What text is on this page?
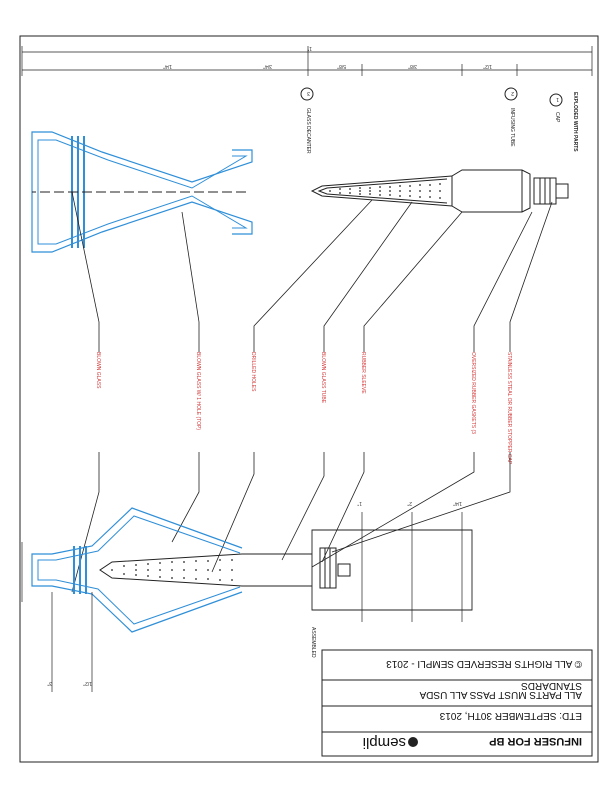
INFUSER FOR BP
sempli
ETD: SEPTEMBER 30TH, 2013
ALL PARTS MUST PASS ALL USDA
STANDARDS
© ALL RIGHTS RESERVED SEMPLI - 2013
EXPLODED WITH PARTS
1
CAP
2
INFUSING TUBE
3
GLASS DECANTER
1"
3/8"	1/2"
1/4"	3/4"	5/8"
STAINLESS STEAL OR RUBBER STOPPER CAP
OVERSIZED RUBBER GASKETS (3
RUBBER SLEEVE
BLOWN GLASS TUBE
DRILLED HOLES
BLOWN GLASS W/ 1 HOLE (TOP)
BLOWN GLASS
ASSEMBLED
1/4"
2"
1"
3"	1/2"
